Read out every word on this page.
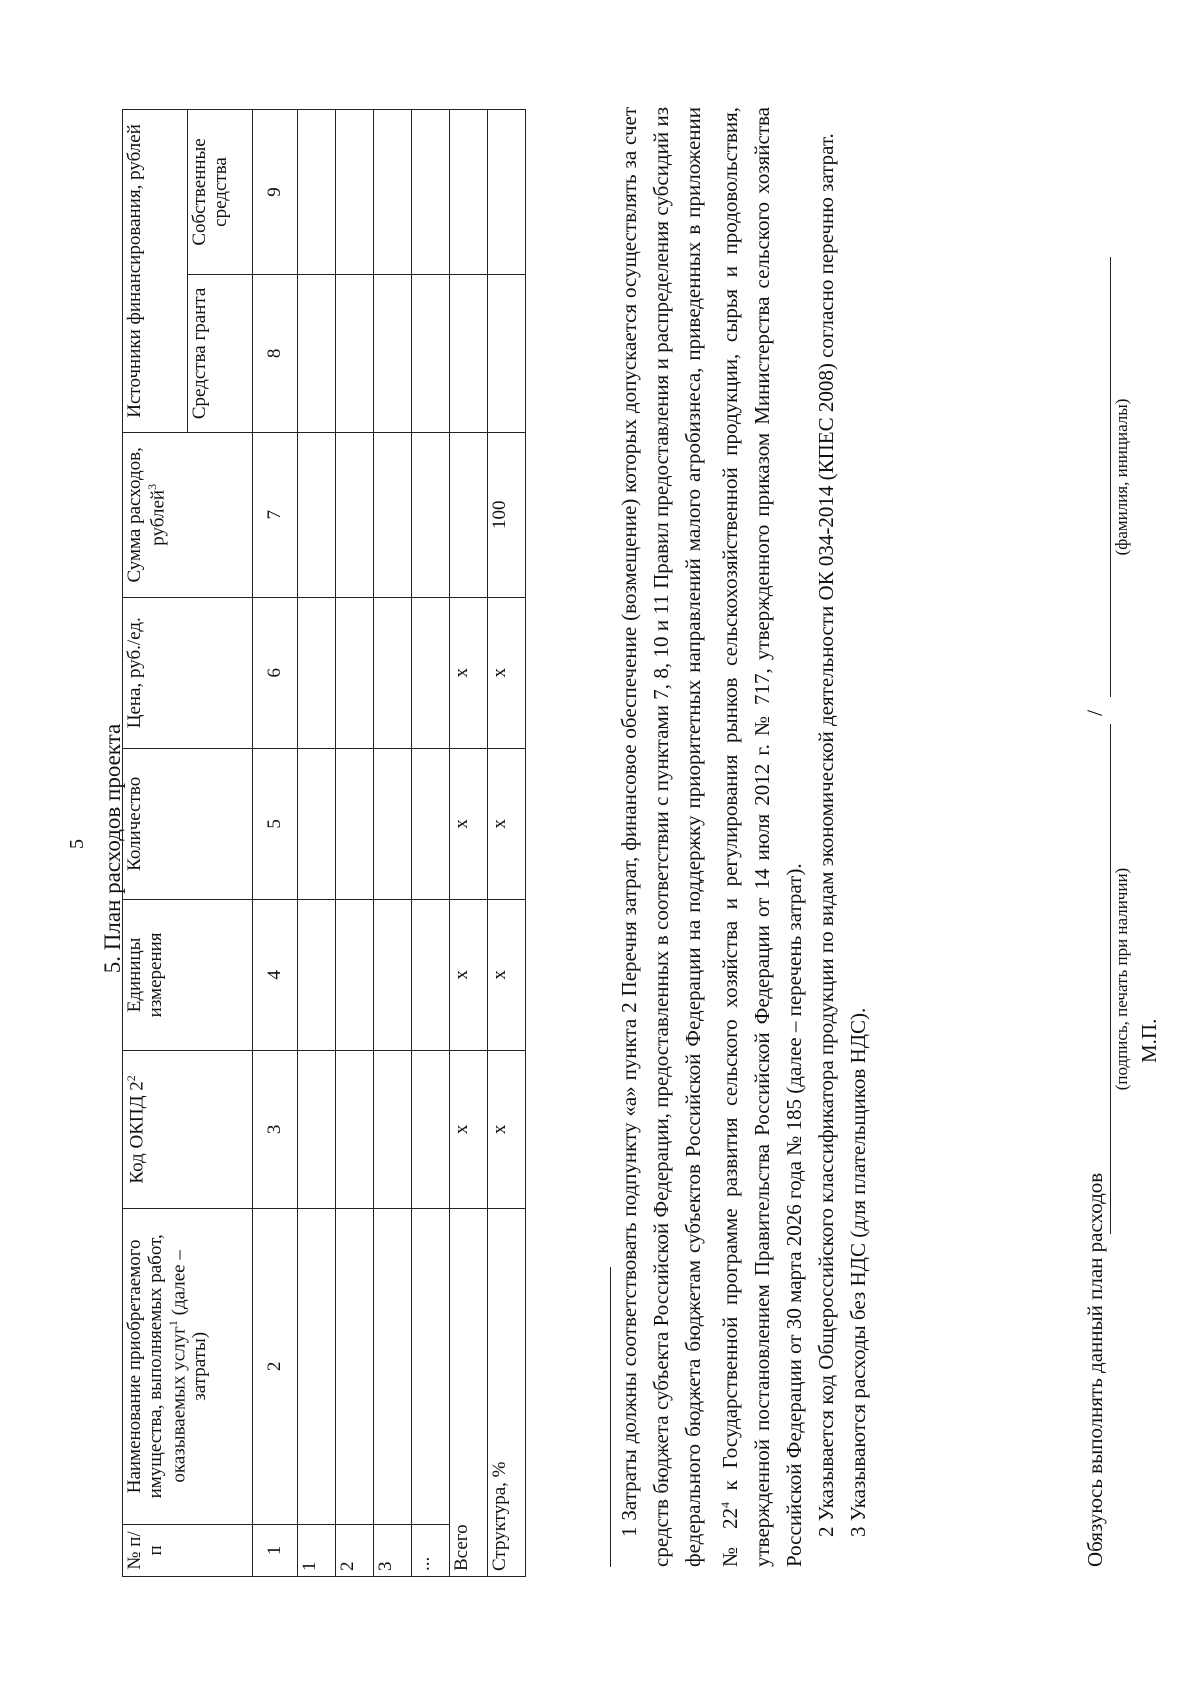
5 5. План расходов проекта
№ п/п	Наименование приобретаемого имущества, выполняемых работ, оказываемых услуг$^1$ (далее – затраты)	Код ОКПД $2^2$	Единицы измерения	Количество	Цена, руб./ед.	Сумма расходов, рублей$^3$	Источники финансирования, рублей	
							Средства гранта	Собственные средства
1	2	3	4	5	6	7	8	9
1								
2								
3								
...								
Всего		x	x	x	x			
Структура, %		x	x	x	x	100			1 Затраты должны соответствовать подпункту «а» пункта 2 Перечня затрат, финансовое обеспечение (возмещение) которых допускается осуществлять за счет средств бюджета субъекта Российской Федерации, предоставленных в соответствии с пунктами 7, 8, 10 и 11 Правил предоставления и распределения субсидий из федерального бюджета бюджетам субъектов Российской Федерации на поддержку приоритетных направлений малого агробизнеса, приведенных в приложении № $22^4$ к Государственной программе развития сельского хозяйства и регулирования рынков сельскохозяйственной продукции, сырья и продовольствия, утвержденной постановлением Правительства Российской Федерации от 14 июля 2012 г. № 717, утвержденного приказом Министерства сельского хозяйства Российской Федерации от 30 марта 2026 года № 185 (далее – перечень затрат). 2 Указывается код Общероссийского классификатора продукции по видам экономической деятельности ОК 034-2014 (КПЕС 2008) согласно перечню затрат. 3 Указываются расходы без НДС (для плательщиков НДС).	Обязуюсь выполнять данный план расходов
/
(подпись, печать при наличии)
(фамилия, инициалы)
М.П.
